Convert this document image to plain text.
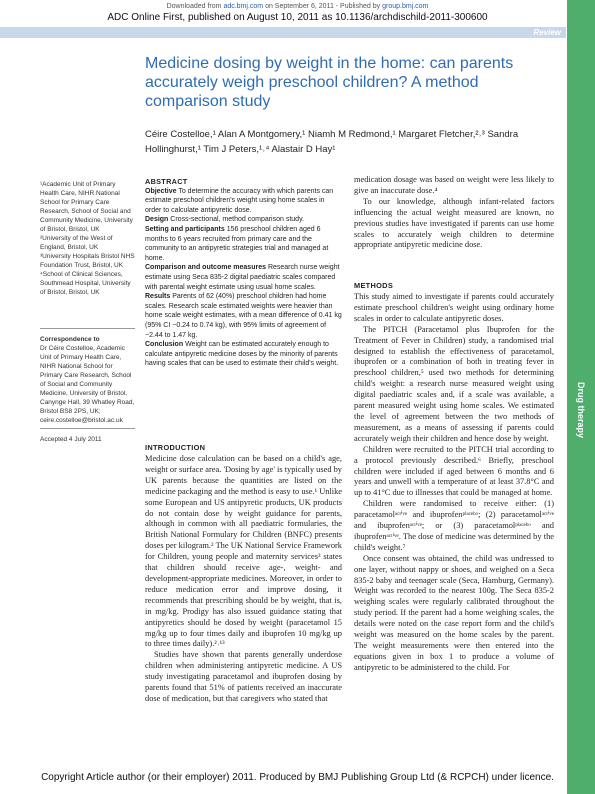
Downloaded from adc.bmj.com on September 6, 2011 - Published by group.bmj.com
ADC Online First, published on August 10, 2011 as 10.1136/archdischild-2011-300600
Review
Drug therapy
Medicine dosing by weight in the home: can parents accurately weigh preschool children? A method comparison study
Céire Costelloe,¹ Alan A Montgomery,¹ Niamh M Redmond,¹ Margaret Fletcher,²˒³ Sandra Hollinghurst,¹ Tim J Peters,¹˒⁴ Alastair D Hay¹

¹Academic Unit of Primary Health Care, NIHR National School for Primary Care Research, School of Social and Community Medicine, University of Bristol, Bristol, UK

²University of the West of England, Bristol, UK

³University Hospitals Bristol NHS Foundation Trust, Bristol, UK

⁴School of Clinical Sciences, Southmead Hospital, University of Bristol, Bristol, UK

Correspondence to
Dr Céire Costelloe, Academic Unit of Primary Health Care, NIHR National School for Primary Care Research, School of Social and Community Medicine, University of Bristol, Canynge Hall, 39 Whatley Road, Bristol BS8 2PS, UK; ceire.costelloe@bristol.ac.uk
Accepted 4 July 2011

ABSTRACT

Objective To determine the accuracy with which parents can estimate preschool children's weight using home scales in order to calculate antipyretic dose.

Design Cross-sectional, method comparison study.

Setting and participants 156 preschool children aged 6 months to 6 years recruited from primary care and the community to an antipyretic strategies trial and managed at home.

Comparison and outcome measures Research nurse weight estimate using Seca 835-2 digital paediatric scales compared with parental weight estimate using usual home scales.

Results Parents of 62 (40%) preschool children had home scales. Research scale estimated weights were heavier than home scale weight estimates, with a mean difference of 0.41 kg (95% CI −0.24 to 0.74 kg), with 95% limits of agreement of −2.44 to 1.47 kg.

Conclusion Weight can be estimated accurately enough to calculate antipyretic medicine doses by the minority of parents having scales that can be used to estimate their child's weight.

INTRODUCTION

Medicine dose calculation can be based on a child's age, weight or surface area. 'Dosing by age' is typically used by UK parents because the quantities are listed on the medicine packaging and the method is easy to use.¹ Unlike some European and US antipyretic products, UK products do not contain dose by weight guidance for parents, although in common with all paediatric formularies, the British National Formulary for Children (BNFC) presents doses per kilogram.² The UK National Service Framework for Children, young people and maternity services³ states that children should receive age-, weight- and development-appropriate medicines. Moreover, in order to reduce medication error and improve dosing, it recommends that prescribing should be by weight, that is, in mg/kg. Prodigy has also issued guidance stating that antipyretics should be dosed by weight (paracetamol 15 mg/kg up to four times daily and ibuprofen 10 mg/kg up to three times daily).²˒¹³

Studies have shown that parents generally underdose children when administering antipyretic medicine. A US study investigating paracetamol and ibuprofen dosing by parents found that 51% of patients received an inaccurate dose of medication, but that caregivers who stated that

medication dosage was based on weight were less likely to give an inaccurate dose.⁴

To our knowledge, although infant-related factors influencing the actual weight measured are known, no previous studies have investigated if parents can use home scales to accurately weigh children to determine appropriate antipyretic medicine dose.

METHODS

This study aimed to investigate if parents could accurately estimate preschool children's weight using ordinary home scales in order to calculate antipyretic doses.

The PITCH (Paracetamol plus Ibuprofen for the Treatment of Fever in Children) study, a randomised trial designed to establish the effectiveness of paracetamol, ibuprofen or a combination of both in treating fever in preschool children,⁵ used two methods for determining child's weight: a research nurse measured weight using digital paediatric scales and, if a scale was available, a parent measured weight using home scales. We estimated the level of agreement between the two methods of measurement, as a means of assessing if parents could accurately weigh their children and hence dose by weight.

Children were recruited to the PITCH trial according to a protocol previously described.⁶ Briefly, preschool children were included if aged between 6 months and 6 years and unwell with a temperature of at least 37.8°C and up to 41°C due to illnesses that could be managed at home.

Children were randomised to receive either: (1) paracetamolᵃᶜᵗⁱᵛᵉ and ibuprofenᵖˡᵃᶜᵉᵇᵒ; (2) paracetamolᵃᶜᵗⁱᵛᵉ and ibuprofenᵃᶜᵗⁱᵛᵉ; or (3) paracetamolᵖˡᵃᶜᵉᵇᵒ and ibuprofenᵃᶜᵗⁱᵛᵉ. The dose of medicine was determined by the child's weight.⁷

Once consent was obtained, the child was undressed to one layer, without nappy or shoes, and weighed on a Seca 835-2 baby and teenager scale (Seca, Hamburg, Germany). Weight was recorded to the nearest 100g. The Seca 835-2 weighing scales were regularly calibrated throughout the study period. If the parent had a home weighing scales, the details were noted on the case report form and the child's weight was measured on the home scales by the parent. The weight measurements were then entered into the equations given in box 1 to produce a volume of antipyretic to be administered to the child. For

Copyright Article author (or their employer) 2011. Produced by BMJ Publishing Group Ltd (& RCPCH) under licence.
